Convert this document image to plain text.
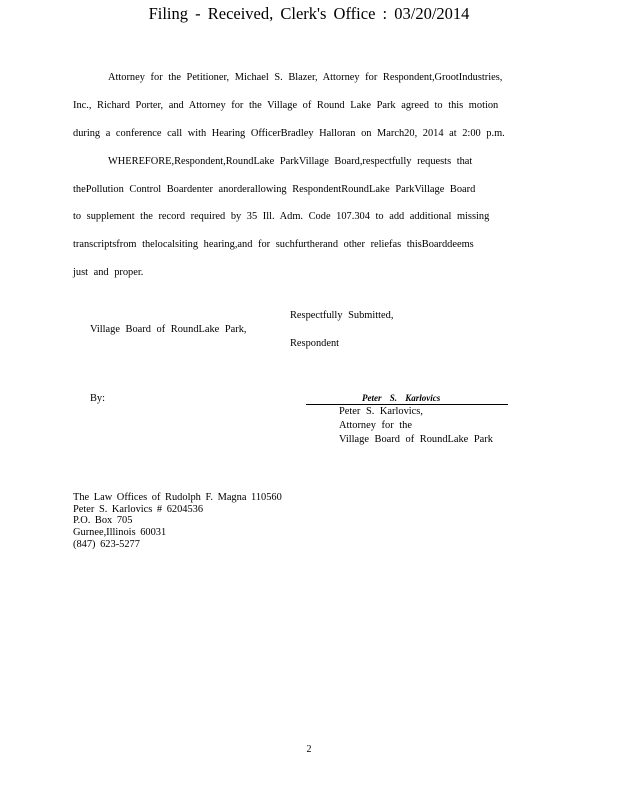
Filing - Received, Clerk's Office : 03/20/2014
Attorney for the Petitioner, Michael S. Blazer, Attorney for Respondent,GrootIndustries,
Inc., Richard Porter, and Attorney for the Village of Round Lake Park agreed to this motion
during a conference call with Hearing OfficerBradley Halloran on March20, 2014 at 2:00 p.m.
WHEREFORE,Respondent,RoundLake ParkVillage Board,respectfully requests that
thePollution Control Boardenter anorderallowing RespondentRoundLake ParkVillage Board
to supplement the record required by 35 Ill. Adm. Code 107.304 to add additional missing
transcriptsfrom thelocalsiting hearing,and for suchfurtherand other reliefas thisBoarddeems
just and proper.
Respectfully Submitted,
Village Board of RoundLake Park,
Respondent
By:	Peter S. Karlovics
Peter S. Karlovics,
Attorney for the
Village Board of RoundLake Park
The Law Offices of Rudolph F. Magna 110560
Peter S. Karlovics # 6204536
P.O. Box 705
Gurnee,Illinois 60031
(847) 623-5277
2
